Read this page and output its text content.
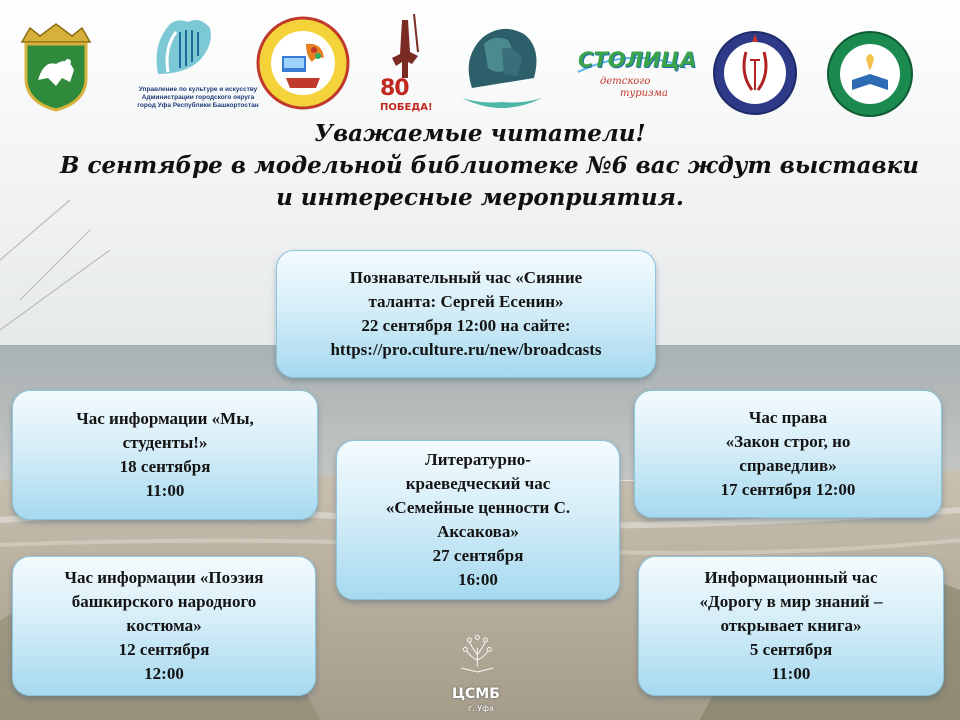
Управление по культуре и искусству
Администрации городского округа
город Уфа Республики Башкортостан
80
ПОБЕДА!
СТОЛИЦА
детского
туризма
Уважаемые читатели!
В сентябре в модельной библиотеке №6 вас ждут выставки
и интересные мероприятия.
Познавательный час «Сияние
таланта: Сергей Есенин»
22 сентября 12:00 на сайте:
https://pro.culture.ru/new/broadcasts
Час информации «Мы,
студенты!»
18 сентября
11:00
Час права
«Закон строг, но
справедлив»
17 сентября 12:00
Литературно-
краеведческий час
«Семейные ценности С.
Аксакова»
27 сентября
16:00
Час информации «Поэзия
башкирского народного
костюма»
12 сентября
12:00
Информационный час
«Дорогу в мир знаний –
открывает книга»
5 сентября
11:00
ЦСМБ
г. Уфа
